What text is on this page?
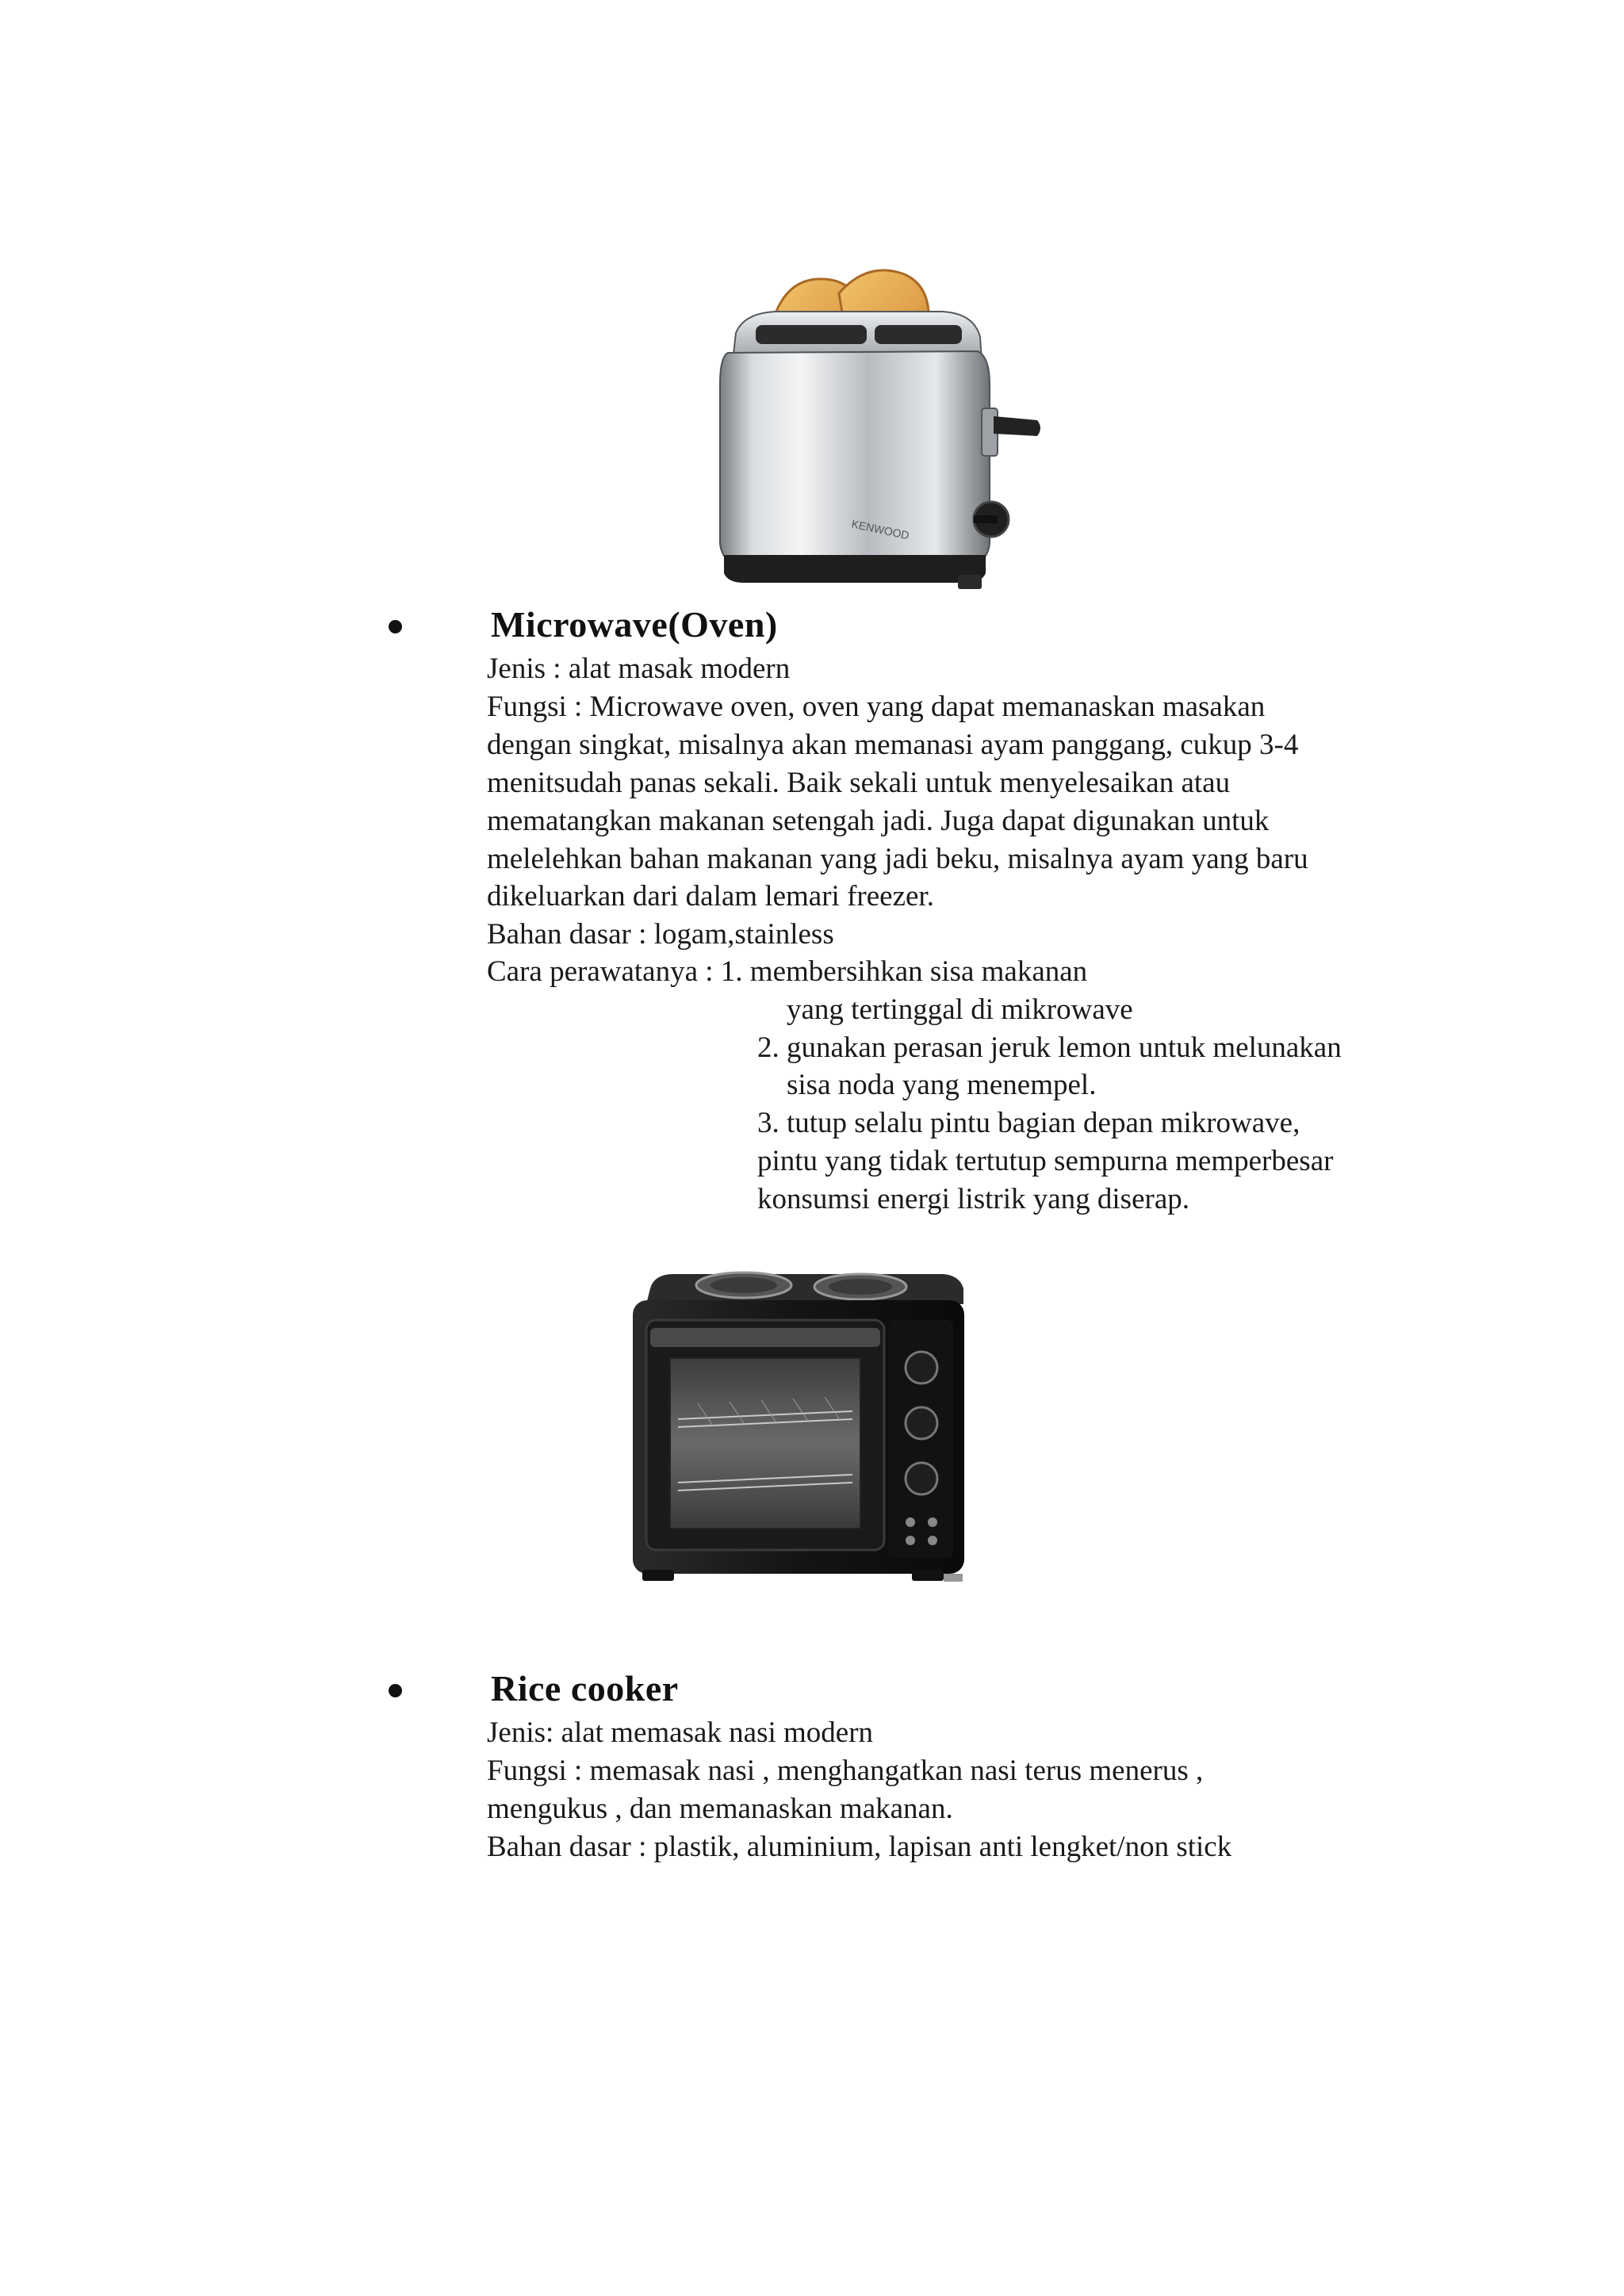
KENWOOD
Microwave(Oven)
Jenis : alat masak modern
Fungsi : Microwave oven, oven yang dapat memanaskan masakan
dengan singkat, misalnya akan memanasi ayam panggang, cukup 3-4
menitsudah panas sekali. Baik sekali untuk menyelesaikan atau
mematangkan makanan setengah jadi. Juga dapat digunakan untuk
melelehkan bahan makanan yang jadi beku, misalnya ayam yang baru
dikeluarkan dari dalam lemari freezer.
Bahan dasar : logam,stainless
Cara perawatanya : 1. membersihkan sisa makanan
yang tertinggal di mikrowave
2. gunakan perasan jeruk lemon untuk melunakan
sisa noda yang menempel.
3. tutup selalu pintu bagian depan mikrowave,
pintu yang tidak tertutup sempurna memperbesar
konsumsi energi listrik yang diserap.
Rice cooker
Jenis: alat memasak nasi modern
Fungsi : memasak nasi , menghangatkan nasi terus menerus ,
mengukus , dan memanaskan makanan.
Bahan dasar : plastik, aluminium, lapisan anti lengket/non stick
